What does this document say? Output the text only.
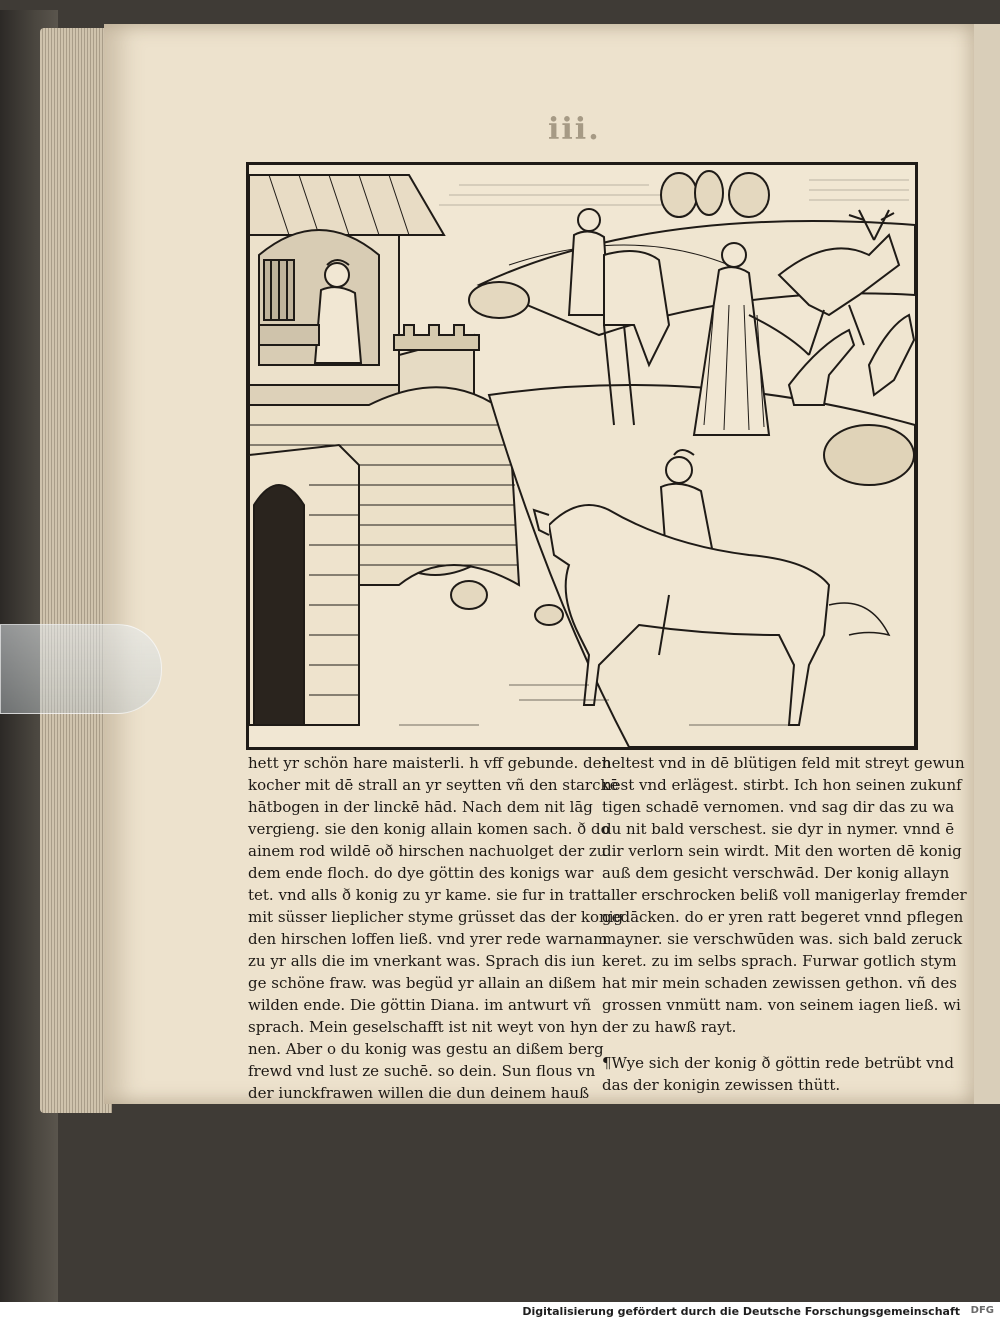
iii.
hett yr schön hare maisterli. h vff gebunde. den
kocher mit dē strall an yr seytten vñ den starckē
hātbogen in der linckē hād. Nach dem nit lāg
vergieng. sie den konig allain komen sach. ð do
ainem rod wildē oð hirschen nachuolget der zu
dem ende floch. do dye göttin des konigs war
tet. vnd alls ð konig zu yr kame. sie fur in tratt
mit süsser lieplicher styme grüsset das der konig
den hirschen loffen ließ. vnd yrer rede warnam
zu yr alls die im vnerkant was. Sprach dis iun
ge schöne fraw. was begüd yr allain an dißem
wilden ende. Die göttin Diana. im antwurt vñ
sprach. Mein geselschafft ist nit weyt von hyn
nen. Aber o du konig was gestu an dißem berg
frewd vnd lust ze suchē. so dein. Sun flous vn
der iunckfrawen willen die dun deinem hauß
heltest vnd in dē blütigen feld mit streyt gewun
nest vnd erlägest. stirbt. Ich hon seinen zukunf
tigen schadē vernomen. vnd sag dir das zu wa
du nit bald verschest. sie dyr in nymer. vnnd ē
dir verlorn sein wirdt. Mit den worten dē konig
auß dem gesicht verschwād. Der konig allayn
aller erschrocken beliß voll manigerlay fremder
gedācken. do er yren ratt begeret vnnd pflegen
mayner. sie verschwūden was. sich bald zeruck
keret. zu im selbs sprach. Furwar gotlich stym
hat mir mein schaden zewissen gethon. vñ des
grossen vnmütt nam. von seinem iagen ließ. wi
der zu hawß rayt.
¶Wye sich der konig ð göttin rede betrübt vnd
das der konigin zewissen thütt.
Digitalisierung gefördert durch die Deutsche Forschungsgemeinschaft DFG
